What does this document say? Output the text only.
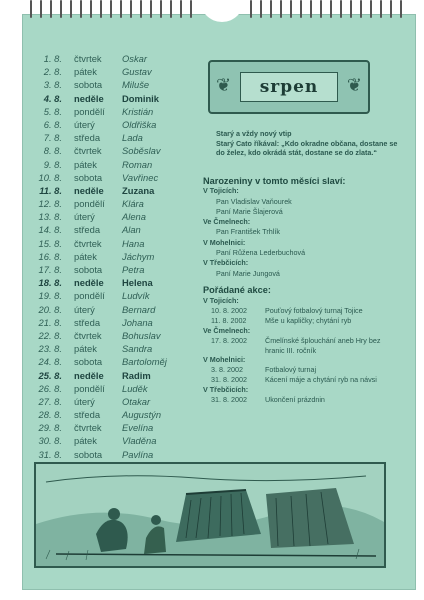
1. 8. čtvrtek Oskar
2. 8. pátek	Gustav
3. 8. sobota Miluše
4. 8. neděle Dominik
5. 8. pondělí Kristián
6. 8. úterý	Oldřiška
7. 8. středa Lada
8. 8. čtvrtek Soběslav
9. 8. pátek	Roman
10. 8. sobota Vavřinec
11. 8. neděle Zuzana
12. 8. pondělí Klára
13. 8. úterý	Alena
14. 8. středa Alan
15. 8. čtvrtek Hana
16. 8. pátek	Jáchym
17. 8. sobota Petra
18. 8. neděle Helena
19. 8. pondělí Ludvík
20. 8. úterý	Bernard
21. 8. středa Johana
22. 8. čtvrtek Bohuslav
23. 8. pátek	Sandra
24. 8. sobota Bartoloměj
25. 8. neděle Radim
26. 8. pondělí Luděk
27. 8. úterý	Otakar
28. 8. středa Augustýn
29. 8. čtvrtek Evelína
30. 8. pátek	Vladěna
31. 8. sobota Pavlína
❦	❦
srpen
Starý a vždy nový vtip
Starý Cato říkával: „Kdo okradne občana, dostane se
do želez, kdo okrádá stát, dostane se do zlata.“
Narozeniny v tomto měsíci slaví:
V Tojicích:
Pan Vladislav Vaňourek
Paní Marie Šlajerová
Ve Čmelnech:
Pan František Trhlík
V Mohelnici:
Paní Růžena Lederbuchová
V Třebčicích:
Paní Marie Jungová
Pořádané akce:
V Tojicích:
10. 8. 2002	Pouťový fotbalový turnaj Tojice
11. 8. 2002	Mše u kapličky; chytání ryb
Ve Čmelnech:
17. 8. 2002	Čmelínské šplouchání aneb Hry bez hranic III. ročník
V Mohelnici:
3. 8. 2002	Fotbalový turnaj
31. 8. 2002	Kácení máje a chytání ryb na návsi
V Třebčicích:
31. 8. 2002	Ukončení prázdnin
